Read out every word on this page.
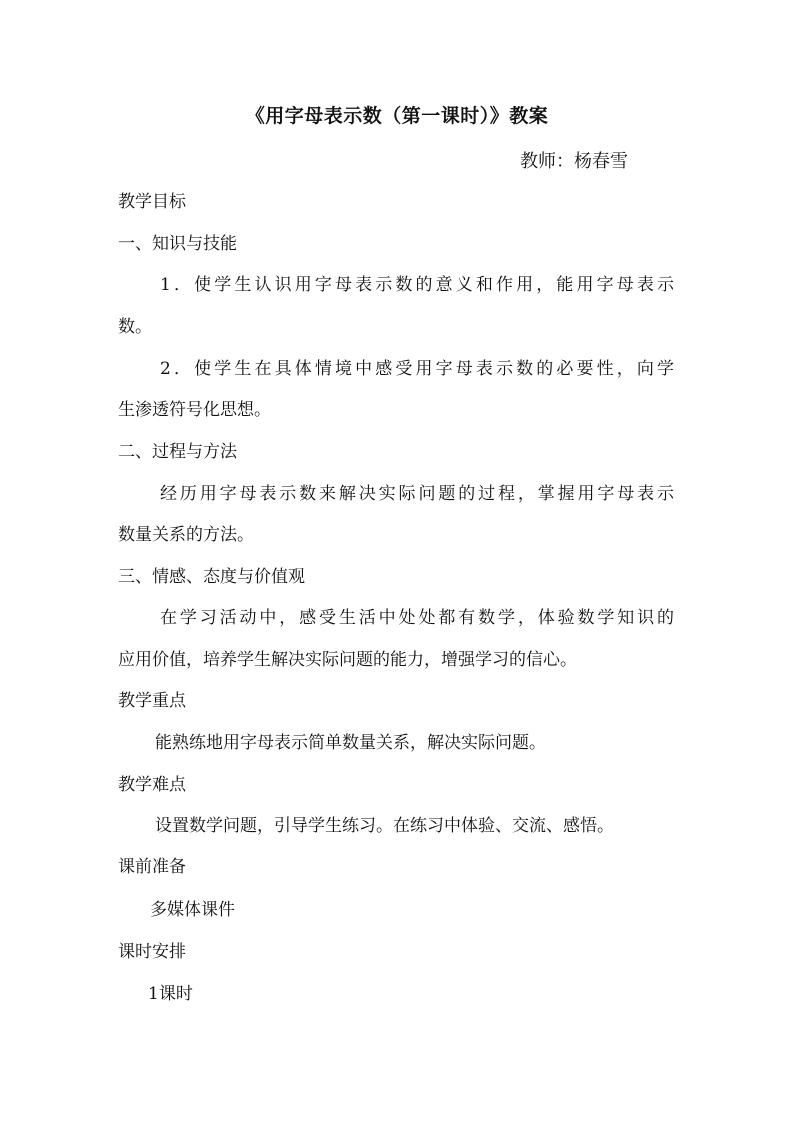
《用字母表示数（第一课时）》教案

教师：杨春雪

教学目标

一、知识与技能

1．使学生认识用字母表示数的意义和作用，能用字母表示

数。

2．使学生在具体情境中感受用字母表示数的必要性，向学

生渗透符号化思想。

二、过程与方法

经历用字母表示数来解决实际问题的过程，掌握用字母表示

数量关系的方法。

三、情感、态度与价值观

在学习活动中，感受生活中处处都有数学，体验数学知识的

应用价值，培养学生解决实际问题的能力，增强学习的信心。

教学重点

能熟练地用字母表示简单数量关系，解决实际问题。

教学难点

设置数学问题，引导学生练习。在练习中体验、交流、感悟。

课前准备

多媒体课件

课时安排

1课时
